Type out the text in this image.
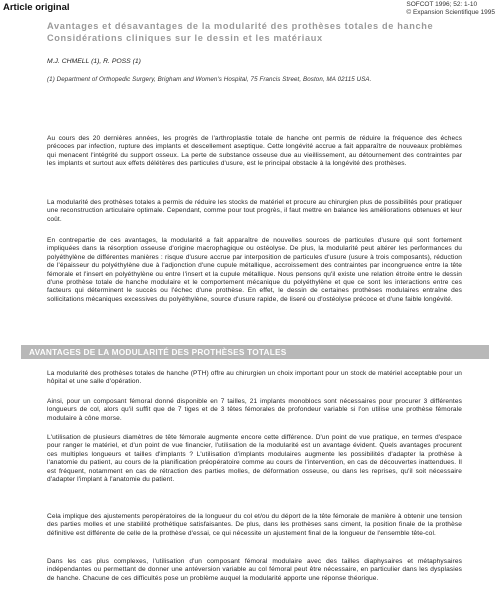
Article original	SOFCOT 1996; 52: 1-10
© Expansion Scientifique 1995
Avantages et désavantages de la modularité des prothèses totales de hanche Considérations cliniques sur le dessin et les matériaux
M.J. CHMELL (1), R. POSS (1)
(1) Department of Orthopedic Surgery, Brigham and Women's Hospital, 75 Francis Street, Boston, MA 02115 USA.

Au cours des 20 dernières années, les progrès de l'arthroplastie totale de hanche ont permis de réduire la fréquence des échecs précoces par infection, rupture des implants et descellement aseptique. Cette longévité accrue a fait apparaître de nouveaux problèmes qui menacent l'intégrité du support osseux. La perte de substance osseuse due au vieillissement, au détournement des contraintes par les implants et surtout aux effets délétères des particules d'usure, est le principal obstacle à la longévité des prothèses.

La modularité des prothèses totales a permis de réduire les stocks de matériel et procure au chirurgien plus de possibilités pour pratiquer une reconstruction articulaire optimale. Cependant, comme pour tout progrès, il faut mettre en balance les améliorations obtenues et leur coût.

En contrepartie de ces avantages, la modularité a fait apparaître de nouvelles sources de particules d'usure qui sont fortement impliquées dans la résorption osseuse d'origine macrophagique ou ostéolyse. De plus, la modularité peut altérer les performances du polyéthylène de différentes manières : risque d'usure accrue par interposition de particules d'usure (usure à trois composants), réduction de l'épaisseur du polyéthylène due à l'adjonction d'une cupule métallique, accroissement des contraintes par incongruence entre la tête fémorale et l'insert en polyéthylène ou entre l'insert et la cupule métallique. Nous pensons qu'il existe une relation étroite entre le dessin d'une prothèse totale de hanche modulaire et le comportement mécanique du polyéthylène et que ce sont les interactions entre ces facteurs qui déterminent le succès ou l'échec d'une prothèse. En effet, le dessin de certaines prothèses modulaires entraîne des sollicitations mécaniques excessives du polyéthylène, source d'usure rapide, de liseré ou d'ostéolyse précoce et d'une faible longévité.

AVANTAGES DE LA MODULARITÉ DES PROTHÈSES TOTALES

La modularité des prothèses totales de hanche (PTH) offre au chirurgien un choix important pour un stock de matériel acceptable pour un hôpital et une salle d'opération.

Ainsi, pour un composant fémoral donné disponible en 7 tailles, 21 implants monoblocs sont nécessaires pour procurer 3 différentes longueurs de col, alors qu'il suffit que de 7 tiges et de 3 têtes fémorales de profondeur variable si l'on utilise une prothèse fémorale modulaire à cône morse.

L'utilisation de plusieurs diamètres de tête fémorale augmente encore cette différence. D'un point de vue pratique, en termes d'espace pour ranger le matériel, et d'un point de vue financier, l'utilisation de la modularité est un avantage évident. Quels avantages procurent ces multiples longueurs et tailles d'implants ? L'utilisation d'implants modulaires augmente les possibilités d'adapter la prothèse à l'anatomie du patient, au cours de la planification préopératoire comme au cours de l'intervention, en cas de découvertes inattendues. Il est fréquent, notamment en cas de rétraction des parties molles, de déformation osseuse, ou dans les reprises, qu'il soit nécessaire d'adapter l'implant à l'anatomie du patient.

Cela implique des ajustements peropératoires de la longueur du col et/ou du déport de la tête fémorale de manière à obtenir une tension des parties molles et une stabilité prothétique satisfaisantes. De plus, dans les prothèses sans ciment, la position finale de la prothèse définitive est différente de celle de la prothèse d'essai, ce qui nécessite un ajustement final de la longueur de l'ensemble tête-col.

Dans les cas plus complexes, l'utilisation d'un composant fémoral modulaire avec des tailles diaphysaires et métaphysaires indépendantes ou permettant de donner une antéversion variable au col fémoral peut être nécessaire, en particulier dans les dysplasies de hanche. Chacune de ces difficultés pose un problème auquel la modularité apporte une réponse théorique.
